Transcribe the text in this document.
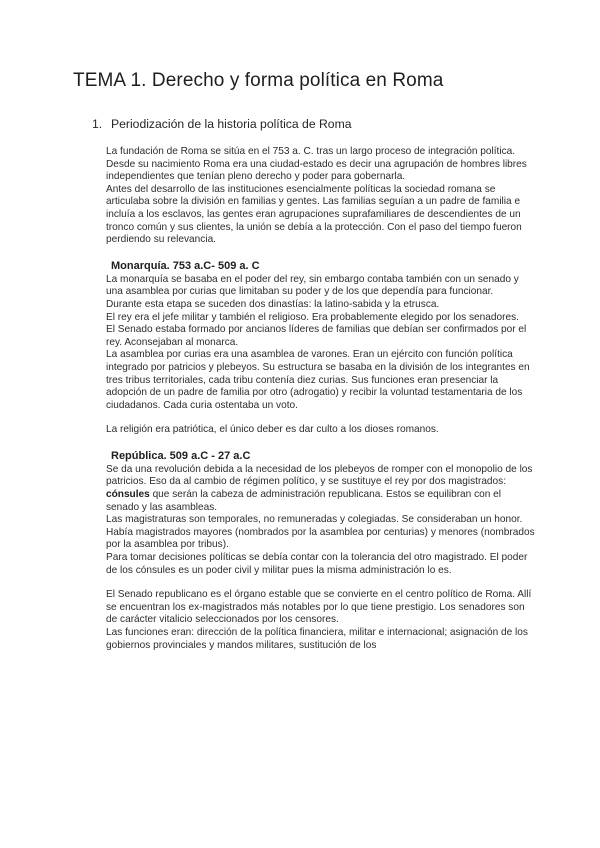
TEMA 1. Derecho y forma política en Roma
1. Periodización de la historia política de Roma

La fundación de Roma se sitúa en el 753 a. C. tras un largo proceso de integración política. Desde su nacimiento Roma era una ciudad-estado es decir una agrupación de hombres libres independientes que tenían pleno derecho y poder para gobernarla.

Antes del desarrollo de las instituciones esencialmente políticas la sociedad romana se articulaba sobre la división en familias y gentes. Las familias seguían a un padre de familia e incluía a los esclavos, las gentes eran agrupaciones suprafamiliares de descendientes de un tronco común y sus clientes, la unión se debía a la protección. Con el paso del tiempo fueron perdiendo su relevancia.

Monarquía. 753 a.C- 509 a. C

La monarquía se basaba en el poder del rey, sin embargo contaba también con un senado y una asamblea por curias que limitaban su poder y de los que dependía para funcionar.

Durante esta etapa se suceden dos dinastías: la latino-sabida y la etrusca.

El rey era el jefe militar y también el religioso. Era probablemente elegido por los senadores.

El Senado estaba formado por ancianos líderes de familias que debían ser confirmados por el rey. Aconsejaban al monarca.

La asamblea por curias era una asamblea de varones. Eran un ejército con función política integrado por patricios y plebeyos. Su estructura se basaba en la división de los integrantes en tres tribus territoriales, cada tribu contenía diez curias. Sus funciones eran presenciar la adopción de un padre de familia por otro (adrogatio) y recibir la voluntad testamentaria de los ciudadanos. Cada curia ostentaba un voto.

La religión era patriótica, el único deber es dar culto a los dioses romanos.

República. 509 a.C - 27 a.C

Se da una revolución debida a la necesidad de los plebeyos de romper con el monopolio de los patricios. Eso da al cambio de régimen político, y se sustituye el rey por dos magistrados: cónsules que serán la cabeza de administración republicana. Estos se equilibran con el senado y las asambleas.

Las magistraturas son temporales, no remuneradas y colegiadas. Se consideraban un honor.

Había magistrados mayores (nombrados por la asamblea por centurias) y menores (nombrados por la asamblea por tribus).

Para tomar decisiones políticas se debía contar con la tolerancia del otro magistrado. El poder de los cónsules es un poder civil y militar pues la misma administración lo es.

El Senado republicano es el órgano estable que se convierte en el centro político de Roma. Allí se encuentran los ex-magistrados más notables por lo que tiene prestigio. Los senadores son de carácter vitalicio seleccionados por los censores.

Las funciones eran: dirección de la política financiera, militar e internacional; asignación de los gobiernos provinciales y mandos militares, sustitución de los
